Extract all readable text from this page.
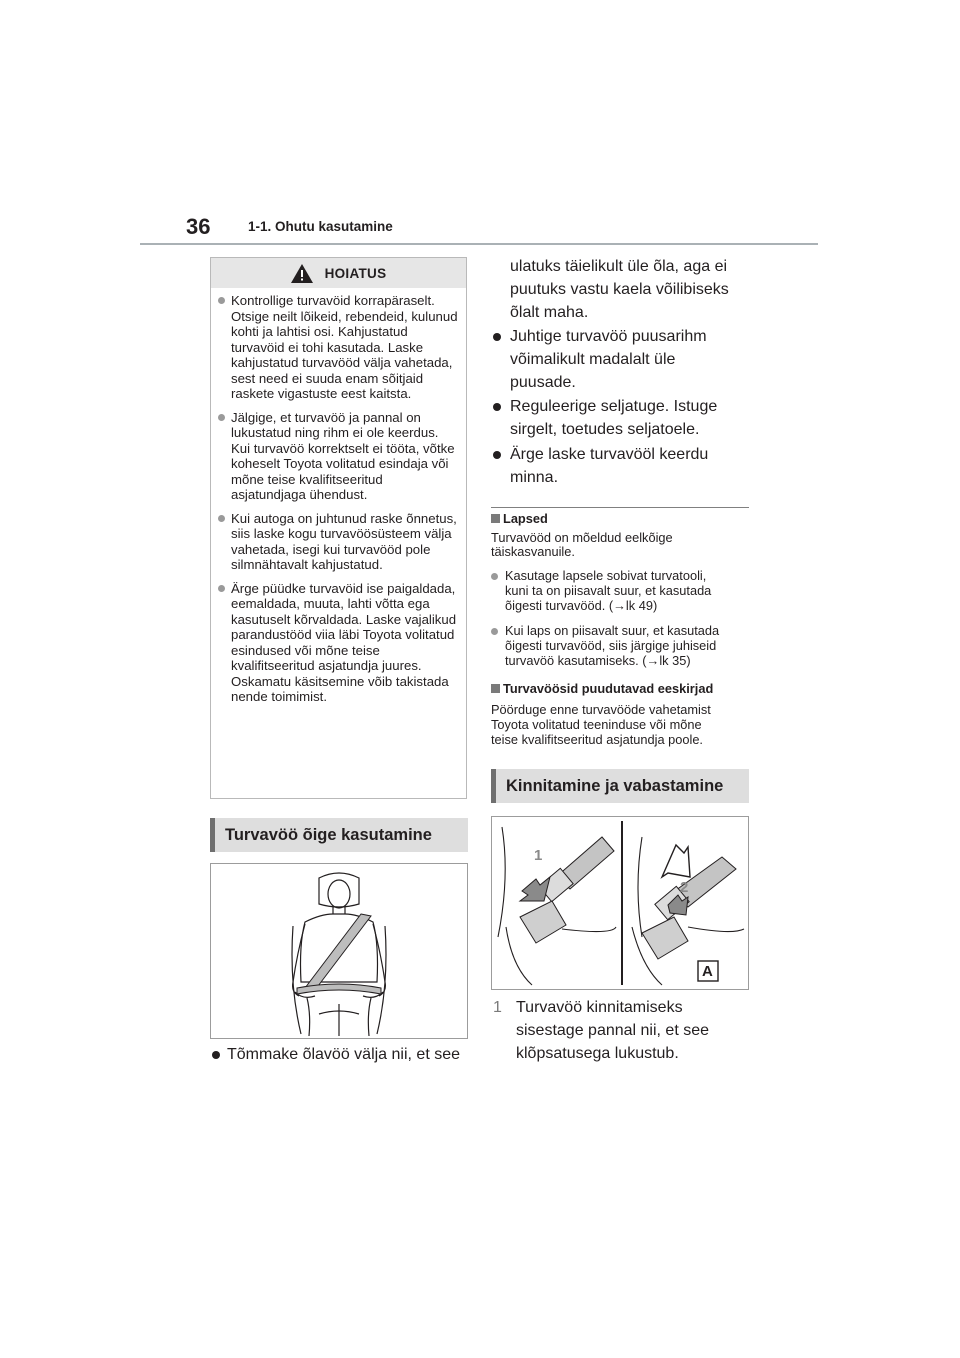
36	1-1. Ohutu kasutamine
HOIATUS
Kontrollige turvavöid korrapäraselt. Otsige neilt lõikeid, rebendeid, kulunud kohti ja lahtisi osi. Kahjustatud turvavöid ei tohi kasutada. Laske kahjustatud turvavööd välja vahetada, sest need ei suuda enam sõitjaid raskete vigastuste eest kaitsta.
Jälgige, et turvavöö ja pannal on lukustatud ning rihm ei ole keerdus. Kui turvavöö korrektselt ei tööta, võtke koheselt Toyota volitatud esindaja või mõne teise kvalifitseeritud asjatundjaga ühendust.
Kui autoga on juhtunud raske õnnetus, siis laske kogu turvavöösüsteem välja vahetada, isegi kui turvavööd pole silmnähtavalt kahjustatud.
Ärge püüdke turvavöid ise paigaldada, eemaldada, muuta, lahti võtta ega kasutuselt kõrvaldada. Laske vajalikud parandustööd viia läbi Toyota volitatud esindused või mõne teise kvalifitseeritud asjatundja juures. Oskamatu käsitsemine võib takistada nende toimimist.
Turvavöö õige kasutamine
Tõmmake õlavöö välja nii, et see
ulatuks täielikult üle õla, aga ei
puutuks vastu kaela võilibiseks
õlalt maha.
Juhtige turvavöö puusarihm
võimalikult madalalt üle
puusade.
Reguleerige seljatuge. Istuge
sirgelt, toetudes seljatoele.
Ärge laske turvavööl keerdu
minna.
Lapsed
Turvavööd on mõeldud eelkõige
täiskasvanuile.
Kasutage lapsele sobivat turvatooli,
kuni ta on piisavalt suur, et kasutada
õigesti turvavööd. (→lk 49)
Kui laps on piisavalt suur, et kasutada
õigesti turvavööd, siis järgige juhiseid
turvavöö kasutamiseks. (→lk 35)
Turvavöösid puudutavad eeskirjad
Pöörduge enne turvavööde vahetamist
Toyota volitatud teeninduse või mõne
teise kvalifitseeritud asjatundja poole.
Kinnitamine ja vabastamine
1
2
A
1 Turvavöö kinnitamiseks
sisestage pannal nii, et see
klõpsatusega lukustub.
